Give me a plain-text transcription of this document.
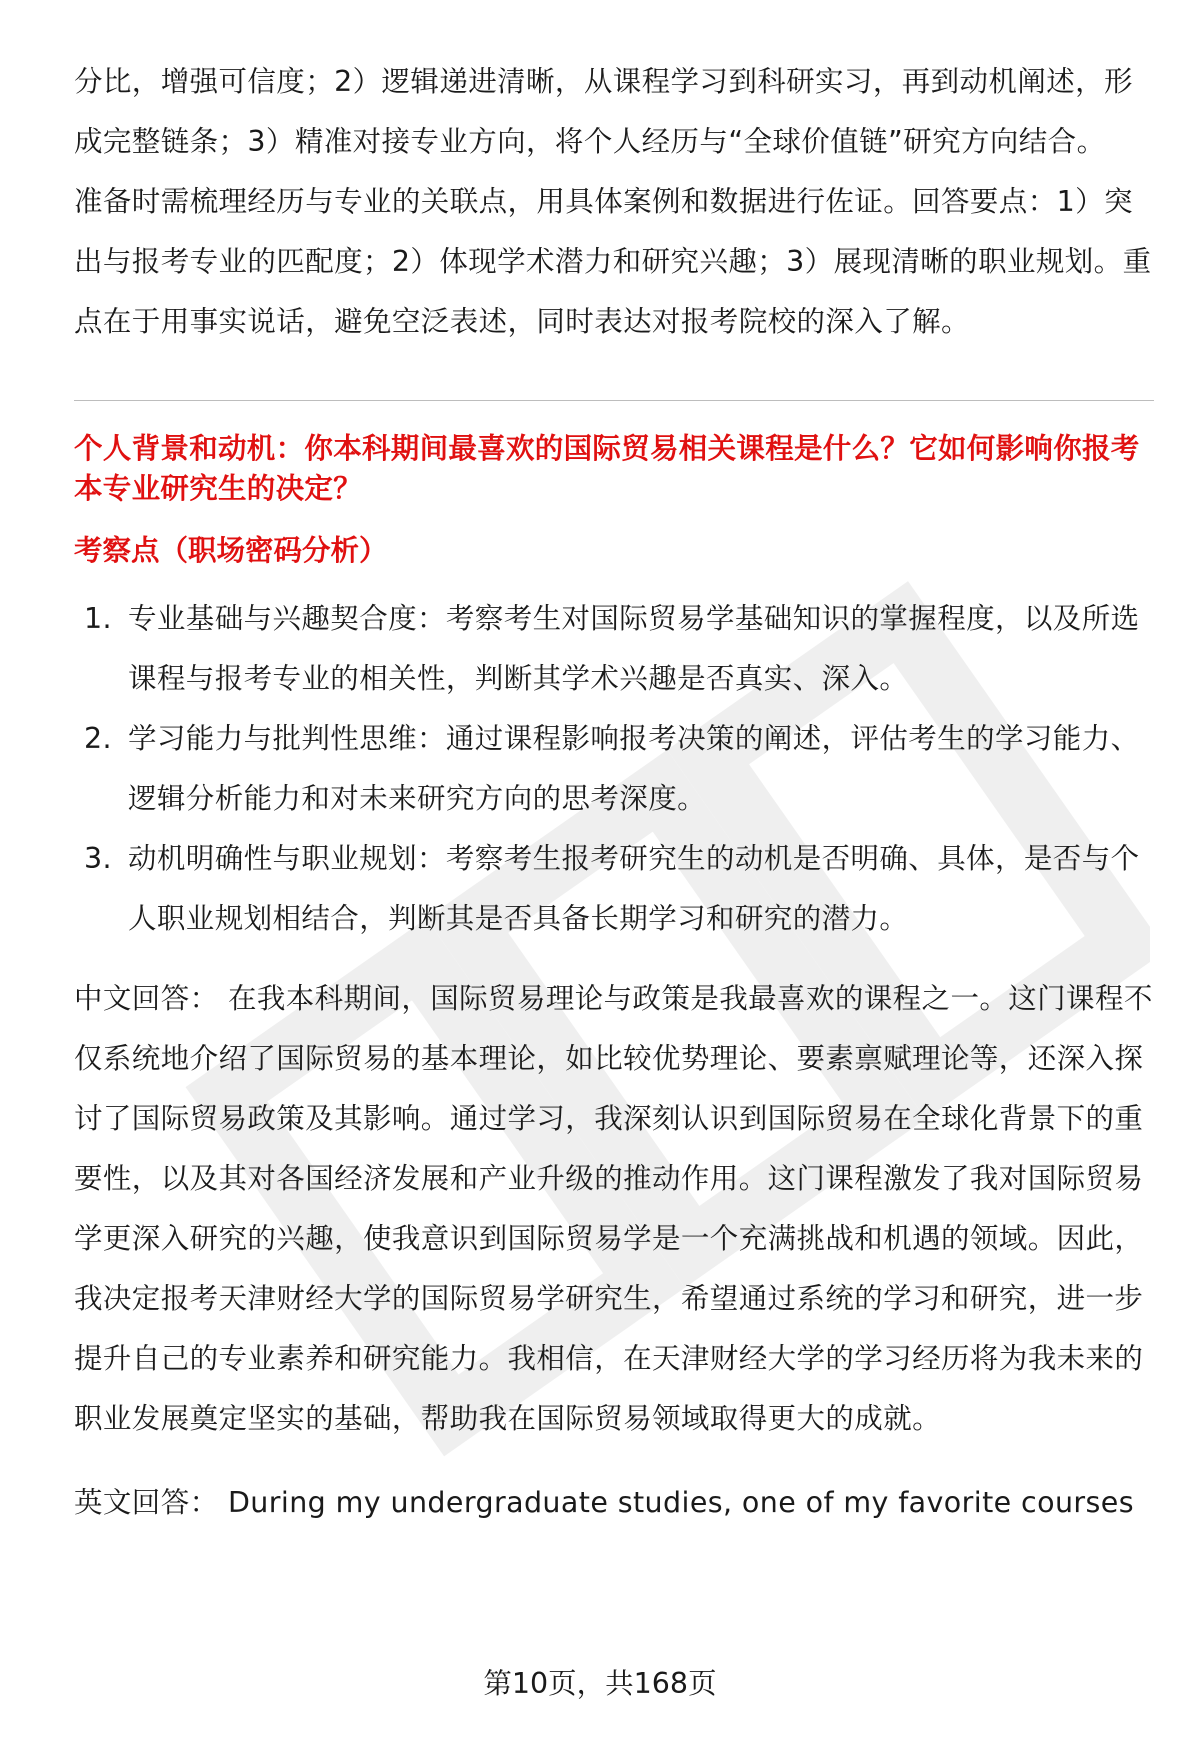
分比，增强可信度；2）逻辑递进清晰，从课程学习到科研实习，再到动机阐述，形成完整链条；3）精准对接专业方向，将个人经历与“全球价值链”研究方向结合。

准备时需梳理经历与专业的关联点，用具体案例和数据进行佐证。回答要点：1）突出与报考专业的匹配度；2）体现学术潜力和研究兴趣；3）展现清晰的职业规划。重点在于用事实说话，避免空泛表述，同时表达对报考院校的深入了解。

个人背景和动机：你本科期间最喜欢的国际贸易相关课程是什么？它如何影响你报考本专业研究生的决定？

考察点（职场密码分析）
1. 专业基础与兴趣契合度：考察考生对国际贸易学基础知识的掌握程度，以及所选课程与报考专业的相关性，判断其学术兴趣是否真实、深入。
2. 学习能力与批判性思维：通过课程影响报考决策的阐述，评估考生的学习能力、逻辑分析能力和对未来研究方向的思考深度。
3. 动机明确性与职业规划：考察考生报考研究生的动机是否明确、具体，是否与个人职业规划相结合，判断其是否具备长期学习和研究的潜力。

中文回答： 在我本科期间，国际贸易理论与政策是我最喜欢的课程之一。这门课程不仅系统地介绍了国际贸易的基本理论，如比较优势理论、要素禀赋理论等，还深入探讨了国际贸易政策及其影响。通过学习，我深刻认识到国际贸易在全球化背景下的重要性，以及其对各国经济发展和产业升级的推动作用。这门课程激发了我对国际贸易学更深入研究的兴趣，使我意识到国际贸易学是一个充满挑战和机遇的领域。因此，我决定报考天津财经大学的国际贸易学研究生，希望通过系统的学习和研究，进一步提升自己的专业素养和研究能力。我相信，在天津财经大学的学习经历将为我未来的职业发展奠定坚实的基础，帮助我在国际贸易领域取得更大的成就。

英文回答： During my undergraduate studies, one of my favorite courses

第10页，共168页
